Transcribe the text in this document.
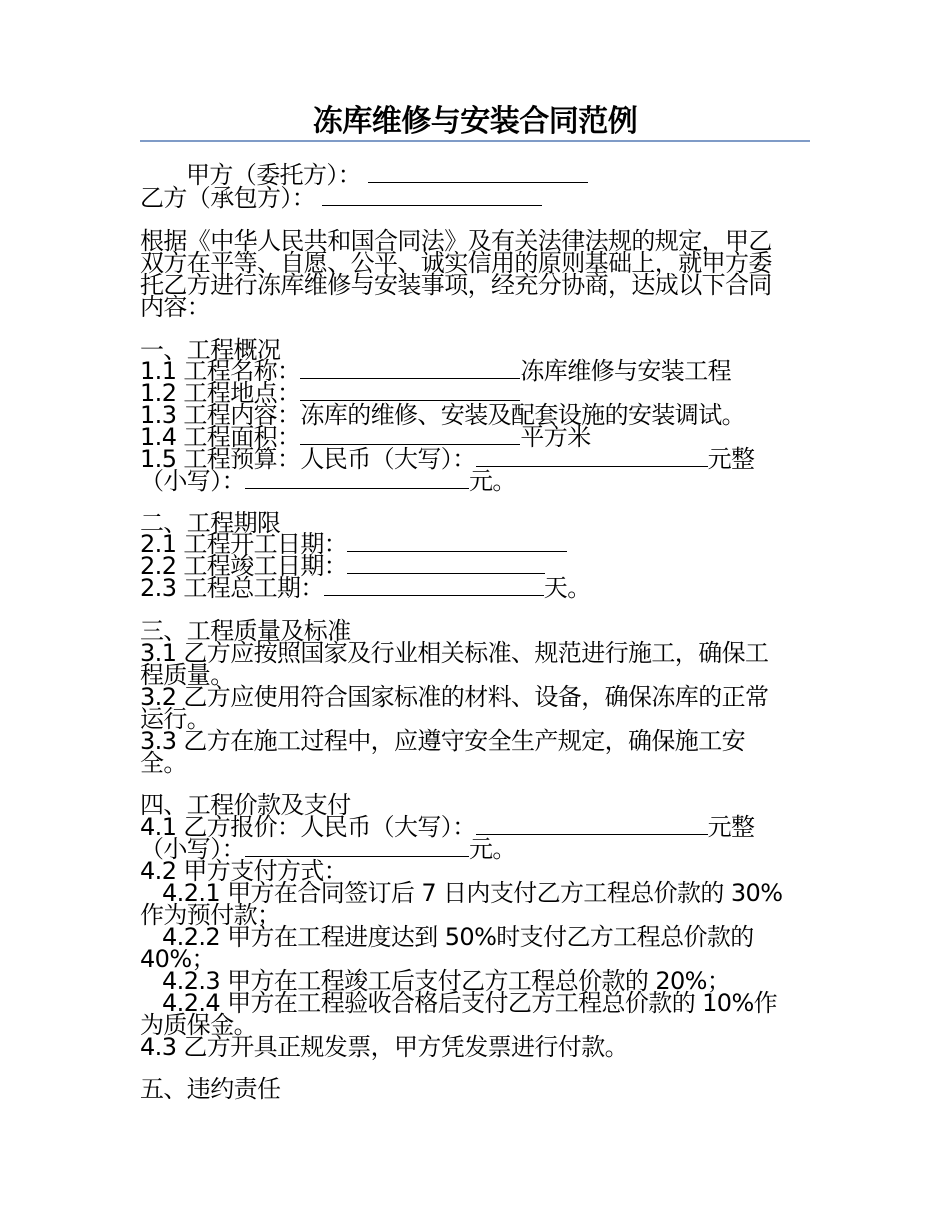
冻库维修与安装合同范例
甲方（委托方）：
乙方（承包方）：
根据《中华人民共和国合同法》及有关法律法规的规定，甲乙
双方在平等、自愿、公平、诚实信用的原则基础上，就甲方委
托乙方进行冻库维修与安装事项，经充分协商，达成以下合同
内容：
一、工程概况
1.1 工程名称：	冻库维修与安装工程
1.2 工程地点：
1.3 工程内容：冻库的维修、安装及配套设施的安装调试。
1.4 工程面积：	平方米
1.5 工程预算：人民币（大写）：	元整
（小写）：	元。
二、工程期限
2.1 工程开工日期：
2.2 工程竣工日期：
2.3 工程总工期：	天。
三、工程质量及标准
3.1 乙方应按照国家及行业相关标准、规范进行施工，确保工
程质量。
3.2 乙方应使用符合国家标准的材料、设备，确保冻库的正常
运行。
3.3 乙方在施工过程中，应遵守安全生产规定，确保施工安
全。
四、工程价款及支付
4.1 乙方报价：人民币（大写）：	元整
（小写）：	元。
4.2 甲方支付方式：
4.2.1 甲方在合同签订后 7 日内支付乙方工程总价款的 30%
作为预付款；
4.2.2 甲方在工程进度达到 50%时支付乙方工程总价款的
40%；
4.2.3 甲方在工程竣工后支付乙方工程总价款的 20%；
4.2.4 甲方在工程验收合格后支付乙方工程总价款的 10%作
为质保金。
4.3 乙方开具正规发票，甲方凭发票进行付款。
五、违约责任
